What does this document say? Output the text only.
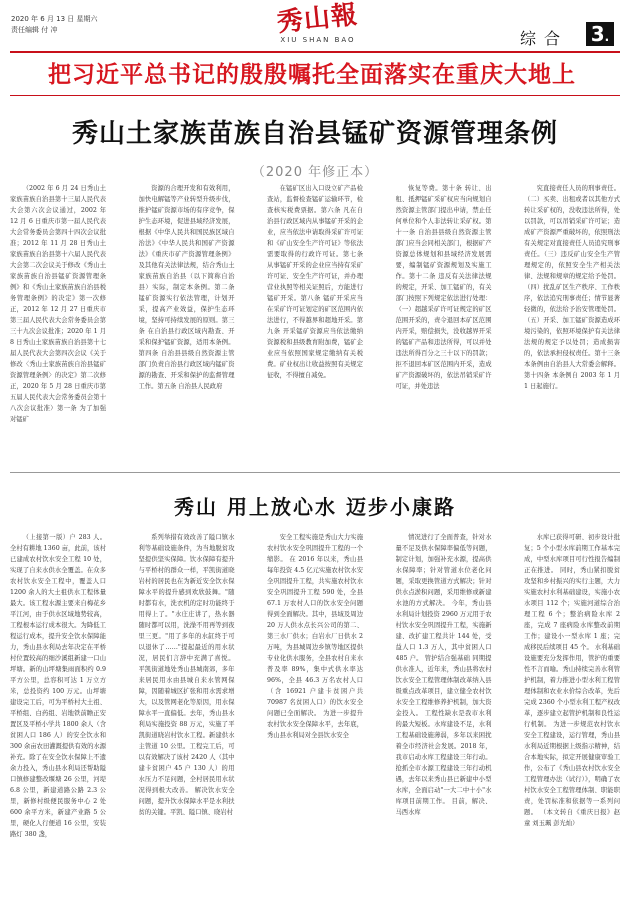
2020 年 6 月 13 日 星期六
责任编辑 付 冲	秀山報
XIU SHAN BAO	综合 3.
把习近平总书记的殷殷嘱托全面落实在重庆大地上
秀山土家族苗族自治县锰矿资源管理条例
（2020 年修正本）

（2002 年 6 月 24 日秀山土家族苗族自治县第十三届人民代表大会第六次会议通过，2002 年 12 月 6 日重庆市第一届人民代表大会常务委员会第四十四次会议批准；2012 年 11 月 28 日秀山土家族苗族自治县第十六届人民代表大会第二次会议关于修改《秀山土家族苗族自治县锰矿资源管理条例》和《秀山土家族苗族自治县税务管理条例》的决定》第一次修正，2012 年 12 月 27 日重庆市第三届人民代表大会常务委员会第三十九次会议批准；2020 年 1 月 8 日秀山土家族苗族自治县第十七届人民代表大会第四次会议《关于修改〈秀山土家族苗族自治县锰矿资源管理条例〉的决定》第二次修正，2020 年 5 月 28 日重庆市第五届人民代表大会常务委员会第十八次会议批准）第一条 为了加强对锰矿

资源的合理开发和有效利用，加快电解锰等产业转型升级步伐，推护锰矿资源市场的有序竞争，保护生态环境，促进县域经济发展，根据《中华人民共和国民族区域自治法》《中华人民共和国矿产资源法》《重庆市矿产资源管理条例》及其他有关法律法规，结合秀山土家族苗族自治县（以下简称自治县）实际，制定本条例。第二条 锰矿资源实行依法管理，计划开采，提高产业效益，保护生态环境，坚持可持续发展的原则。第三条 在自治县行政区域内勘查、开采和保护锰矿资源，适用本条例。第四条 自治县县级自然资源主管部门负责自治县行政区域内锰矿资源的勘查、开采和保护的监督管理工作。第五条 自治县人民政府

在锰矿区出入口设立矿产品检查站，监督检查锰矿运输环节，检查核实税费票据。第六条 凡在自治县行政区域内从事锰矿开采的企业，应当依法申请取得采矿许可证和《矿山安全生产许可证》等依法需要取得的行政许可证。第七条 从事锰矿开采的企业应当持有采矿许可证、安全生产许可证，并办理营业执照等相关证照后，方能进行锰矿开采。第八条 锰矿开采应当在采矿许可证划定的矿区范围内依法进行，不得越界和超地开采。第九条 开采锰矿资源应当依法缴纳资源税和县级教育附加费，锰矿企业应当依照国家规定缴纳有关税费。矿业权出让收益按照有关规定征收，不得擅自减免。

恢复等费。第十条 转让、出租、抵押锰矿采矿权应当向规划自然资源主管部门提出申请，禁止任何单位和个人非法转让采矿权。第十一条 自治县县级自然资源主管部门应当会同相关部门，根据矿产资源总体规划和县域经济发展需要，编制锰矿资源规划及实施工作。第十二条 违反有关法律法规的规定，开采、加工锰矿的，有关部门按照下列规定依法进行处理：（一）超越采矿许可证规定的矿区范围开采的，责令退回本矿区范围内开采，赔偿损失，没收越界开采的锰矿产品和违法所得，可以并处违法所得百分之三十以下的罚款；拒不退回本矿区范围内开采，造成矿产资源破坏的，依法吊销采矿许可证，并处违法

究直接责任人员的刑事责任。（二）买卖、出租或者以其他方式转让采矿权的，没收违法所得，处以罚款，可以吊销采矿许可证；造成矿产资源严重破坏的，依照刑法有关规定对直接责任人员追究刑事责任。（三）违反矿山安全生产管理规定的，依照安全生产相关法律、法规和规章的规定给予处罚。（四）扰乱矿区生产秩序、工作秩序，依法追究刑事责任；情节显著轻微的，依法给予治安管理处罚。（五）开采、加工锰矿资源造成环境污染的，依照环境保护有关法律法规的规定予以处罚；造成损害的，依法承担侵权责任。第十三条 本条例由自治县人大常委会解释。第十四条 本条例自 2003 年 1 月 1 日起施行。

秀山 用上放心水 迈步小康路

（上接第一版）户 283 人。全村有耕地 1360 亩，此前，该村已建成农村饮水安全工程 10 处，实现了自来水供水全覆盖。在众多农村饮水安全工程中，覆盖人口 1200 余人的大土祖供水工程体量最大。该工程水源主要来自梅花乡平江河，由于供水区域地势较高，工程根本运行成本很大。为降低工程运行成本，提升安全饮水保障能力，秀山县水利局去年决定在平桥村位置较高的细沙溪组新建一口山坪塘。新的山坪塘集雨面积约 0.9 平方公里，总容积可达 1 万立方米，总投资约 100 万元。山坪塘建设完工后，可为平桥村大土祖、平桥组、白药组、岩地铁前瞻正安置区及平桥小学共 1800 余人（含贫困人口 186 人）的安全饮水和 300 余亩农田灌溉提供有效的水源补充。除了在安全饮水保障上不遗余力投入，秀山县水利局还帮助隘口镇修建整改堰塘 26 公里，河堤 6.8 公里，新建道路公路 2.3 公里，新修村级便民服务中心 2 处 600 余平方米，新建产业路 5 公里，硬化人行便道 16 公里，安装路灯 380 盏，

系列举措有效改善了隘口镇水利等基础设施条件，为当地脱贫攻坚提供坚实保障。饮水保障有提升 与平桥村的群众一样，平凯街道晓岩村的居民也在为新近安全饮水保障水平的提升感到欢欣鼓舞。"随时都有水，洗衣机的定时功能终于用得上了。"水庄庄讲了，热水器随时都可以用，洗澡不用再等到夜里三更。"用了多年的水缸终于可以退休了……"提起最近的用水状况，居民们言辞中充满了喜悦。 平凯街道地处秀山县城南郊，多年来居民用水由县城自来水管网保障，因随着城区扩张和用水需求增大，以及管网老化等原因，用水保障水平一直偏低。去年，秀山县水利局实施投资 88 万元，实施了平凯街道晓岩村饮水工程。新建供水主管道 10 公里。工程完工后，可以有效解决了该村 2420 人（其中建卡贫困户 45 户 130 人）的用水压力不足问题，全村居民用水状况得到极大改善。 解决饮水安全问题，提升饮水保障水平是水利扶贫的关键。平凯、隘口镇、晓岩村

安全工程实施是秀山大力实施农村饮水安全巩固提升工程的一个缩影。 在 2016 年以来，秀山县每年投资 4.5 亿元实施农村饮水安全巩固提升工程，共实施农村饮水安全巩固提升工程 590 处，全县 67.1 万农村人口的饮水安全问题得到全面解决。其中，县域及周边 20 万人供水点长兴公司的第二、第三水厂供水；白岩水厂日供水 2 万吨，为县城周边乡镇等地区提供专业化供水服务，全县农村自来水普及率 89%，集中式供水率达 96%，全县 46.3 万名农村人口（含 16921 户建卡贫困户共 70987 名贫困人口）的饮水安全问题已全面解决。 为进一步提升农村饮水安全保障水平，去年底，秀山县水利局对全县饮水安全

情况进行了全面普查，针对水量不足及供水保障率偏低等问题，制定计划，加强补充水源，提高供水保障率；针对管道水位老化问题，采取更换管道方式解决；针对供水点淤积问题，采用维修或新建水池的方式解决。 今年，秀山县水利局计划投资 2960 万元用于农村饮水安全巩固提升工程，实施新建、改扩建工程共计 144 处，受益人口 1.3 万人，其中贫困人口 485 户。 管护结合强基础 同期提供水准人，近年来，秀山县将农村饮水安全工程管理体制改革纳入县级重点改革项目，建立健全农村饮水安全工程维修养护机制，加大资金投入。 工程性缺水是我市水利的最大短板。水库建设不足，水利工程基础设施薄弱，多年以来困扰着全市经济社会发展。2018 年，我市启动水库工程建设三年行动。 抢抓全市水源工程建设三年行动机遇，去年以来秀山县已新建中小型水库，全面启动"一大二中十小"水库项目前期工作。 目前，解决、马西水库

水库已获得可研、初步设计批复；5 个小型水库前期工作基本完成，中型水库项目可行性报告编制正在推进。 同时，秀山紧扣脱贫攻坚和乡村振兴的实行主题，大力实施农村水利基础建设，实施小农水项目 112 个；实施河道综合治理工程 6 个；整治病险水库 2 座，完成 7 座病险水库整改前期工作；建设小一型水库 1 座；完成移民后续项目 45 个。 水利基础设施要充分发挥作用，管护的重要性不言而喻。秀山持续完善水利管护机制，着力推进小型水利工程管理体制和农业水价综合改革，先后完成 2360 个小型水利工程产权改革，逐步建立起管护机制和良性运行机制。 为进一步规范农村饮水安全工程建设，运行管理，秀山县水利局近期根据上级指示精神，结合本地实际，拟定开展健康审验工作，公布了《秀山县农村饮水安全工程管理办法（试行）》，明确了农村饮水安全工程管理体制、职能职责，处罚标准和依据等一系列问题。 （本文转自《重庆日报》赵童 刘玉珮 彭光灿）
